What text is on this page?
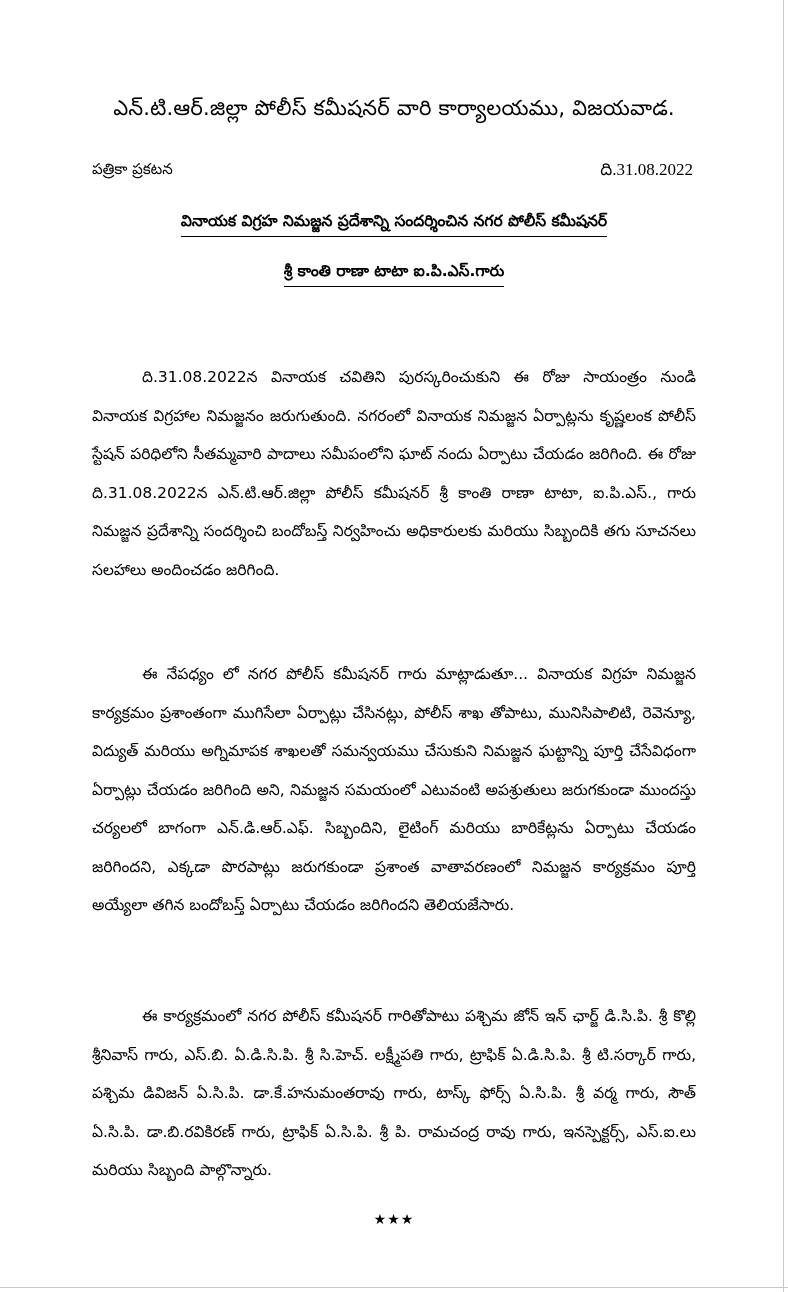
ఎన్.టి.ఆర్.జిల్లా పోలీస్ కమీషనర్ వారి కార్యాలయము, విజయవాడ.
పత్రికా ప్రకటన	ది.31.08.2022
వినాయక విగ్రహ నిమజ్జన ప్రదేశాన్ని సందర్శించిన నగర పోలీస్ కమీషనర్
శ్రీ కాంతి రాణా టాటా ఐ.పి.ఎస్.గారు
ది.31.08.2022న వినాయక చవితిని పురస్కరించుకుని ఈ రోజు సాయంత్రం నుండి వినాయక విగ్రహాల నిమజ్జనం జరుగుతుంది. నగరంలో వినాయక నిమజ్జన ఏర్పాట్లను కృష్ణలంక పోలీస్ స్టేషన్ పరిధిలోని సీతమ్మవారి పాదాలు సమీపంలోని ఘాట్ నందు ఏర్పాటు చేయడం జరిగింది. ఈ రోజు ది.31.08.2022న ఎన్.టి.ఆర్.జిల్లా పోలీస్ కమీషనర్ శ్రీ కాంతి రాణా టాటా, ఐ.పి.ఎస్., గారు నిమజ్జన ప్రదేశాన్ని సందర్శించి బందోబస్త్ నిర్వహించు అధికారులకు మరియు సిబ్బందికి తగు సూచనలు సలహాలు అందించడం జరిగింది.
ఈ నేపధ్యం లో నగర పోలీస్ కమీషనర్ గారు మాట్లాడుతూ... వినాయక విగ్రహ నిమజ్జన కార్యక్రమం ప్రశాంతంగా ముగిసేలా ఏర్పాట్లు చేసినట్లు, పోలీస్ శాఖ తోపాటు, మునిసిపాలిటి, రెవెన్యూ, విద్యుత్ మరియు అగ్నిమాపక శాఖలతో సమన్వయము చేసుకుని నిమజ్జన ఘట్టాన్ని పూర్తి చేసేవిధంగా ఏర్పాట్లు చేయడం జరిగింది అని, నిమజ్జన సమయంలో ఎటువంటి అపశ్రుతులు జరుగకుండా ముందస్తు చర్యలలో బాగంగా ఎన్.డి.ఆర్.ఎఫ్. సిబ్బందిని, లైటింగ్ మరియు బారికేట్లను ఏర్పాటు చేయడం జరిగిందని, ఎక్కడా పొరపాట్లు జరుగకుండా ప్రశాంత వాతావరణంలో నిమజ్జన కార్యక్రమం పూర్తి అయ్యేలా తగిన బందోబస్త్ ఏర్పాటు చేయడం జరిగిందని తెలియజేసారు.
ఈ కార్యక్రమంలో నగర పోలీస్ కమీషనర్ గారితోపాటు పశ్చిమ జోన్ ఇన్ ఛార్జ్ డి.సి.పి. శ్రీ కొల్లి శ్రీనివాస్ గారు, ఎస్.బి. ఏ.డి.సి.పి. శ్రీ సి.హెచ్. లక్ష్మీపతి గారు, ట్రాఫిక్ ఏ.డి.సి.పి. శ్రీ టి.సర్కార్ గారు, పశ్చిమ డివిజన్ ఏ.సి.పి. డా.కే.హనుమంతరావు గారు, టాస్క్ ఫోర్స్ ఏ.సి.పి. శ్రీ వర్మ గారు, సౌత్ ఏ.సి.పి. డా.బి.రవికిరణ్ గారు, ట్రాఫిక్ ఏ.సి.పి. శ్రీ పి. రామచంద్ర రావు గారు, ఇనస్పెక్టర్స్, ఎస్.ఐ.లు మరియు సిబ్బంది పాల్గొన్నారు.
★★★
